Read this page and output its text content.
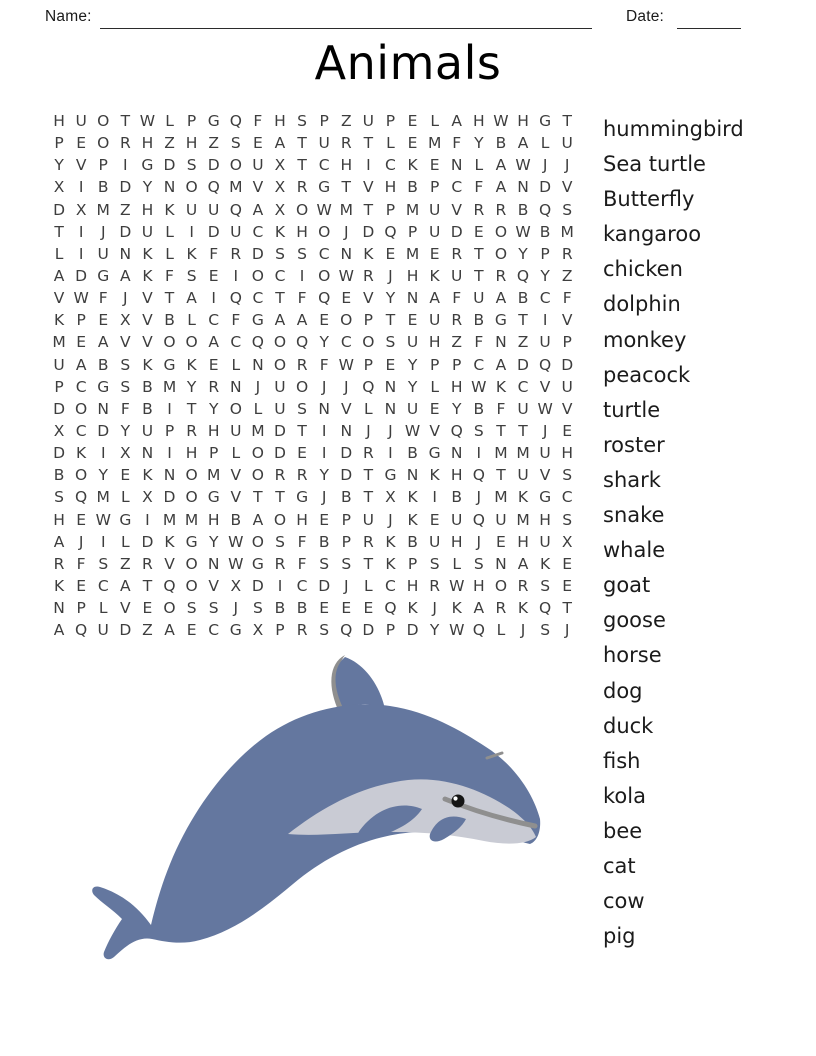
Name:	Date:
Animals
H U O T W L P G Q F H S P Z U P E L A H W H G T
P E O R H Z H Z S E A T U R T L E M F Y B A L U
Y V P I G D S D O U X T C H I C K E N L A W J	J
X I B D Y N O Q M V X R G T V H B P C F A N D V
D X M Z H K U U Q A X O W M T P M U V R R B Q S
T I	J D U L I D U C K H O J D Q P U D E O W B M
L I U N K L K F R D S S C N K E M E R T O Y P R
A D G A K F S E I O C I O W R J H K U T R Q Y Z
V W F J V T A I Q C T F Q E V Y N A F U A B C F
K P E X V B L C F G A A E O P T E U R B G T I V
M E A V V O O A C Q O Q Y C O S U H Z F N Z U P
U A B S K G K E L N O R F W P E Y P P C A D Q D
P C G S B M Y R N J U O J	J Q N Y L H W K C V U
D O N F B I T Y O L U S N V L N U E Y B F U W V
X C D Y U P R H U M D T I N J	J W V Q S T T J E
D K I X N I H P L O D E I D R I B G N I M M U H
B O Y E K N O M V O R R Y D T G N K H Q T U V S
S Q M L X D O G V T T G J B T X K I B J M K G C
H E W G I M M H B A O H E P U J K E U Q U M H S
A J	I L D K G Y W O S F B P R K B U H J E H U X
R F S Z R V O N W G R F S S T K P S L S N A K E
K E C A T Q O V X D I C D J L C H R W H O R S E
N P L V E O S S J S B B E E E Q K J K A R K Q T
A Q U D Z A E C G X P R S Q D P D Y W Q L J S J
hummingbird
Sea turtle
Butterfly
kangaroo
chicken
dolphin
monkey
peacock
turtle
roster
shark
snake
whale
goat
goose
horse
dog
duck
fish
kola
bee
cat
cow
pig
